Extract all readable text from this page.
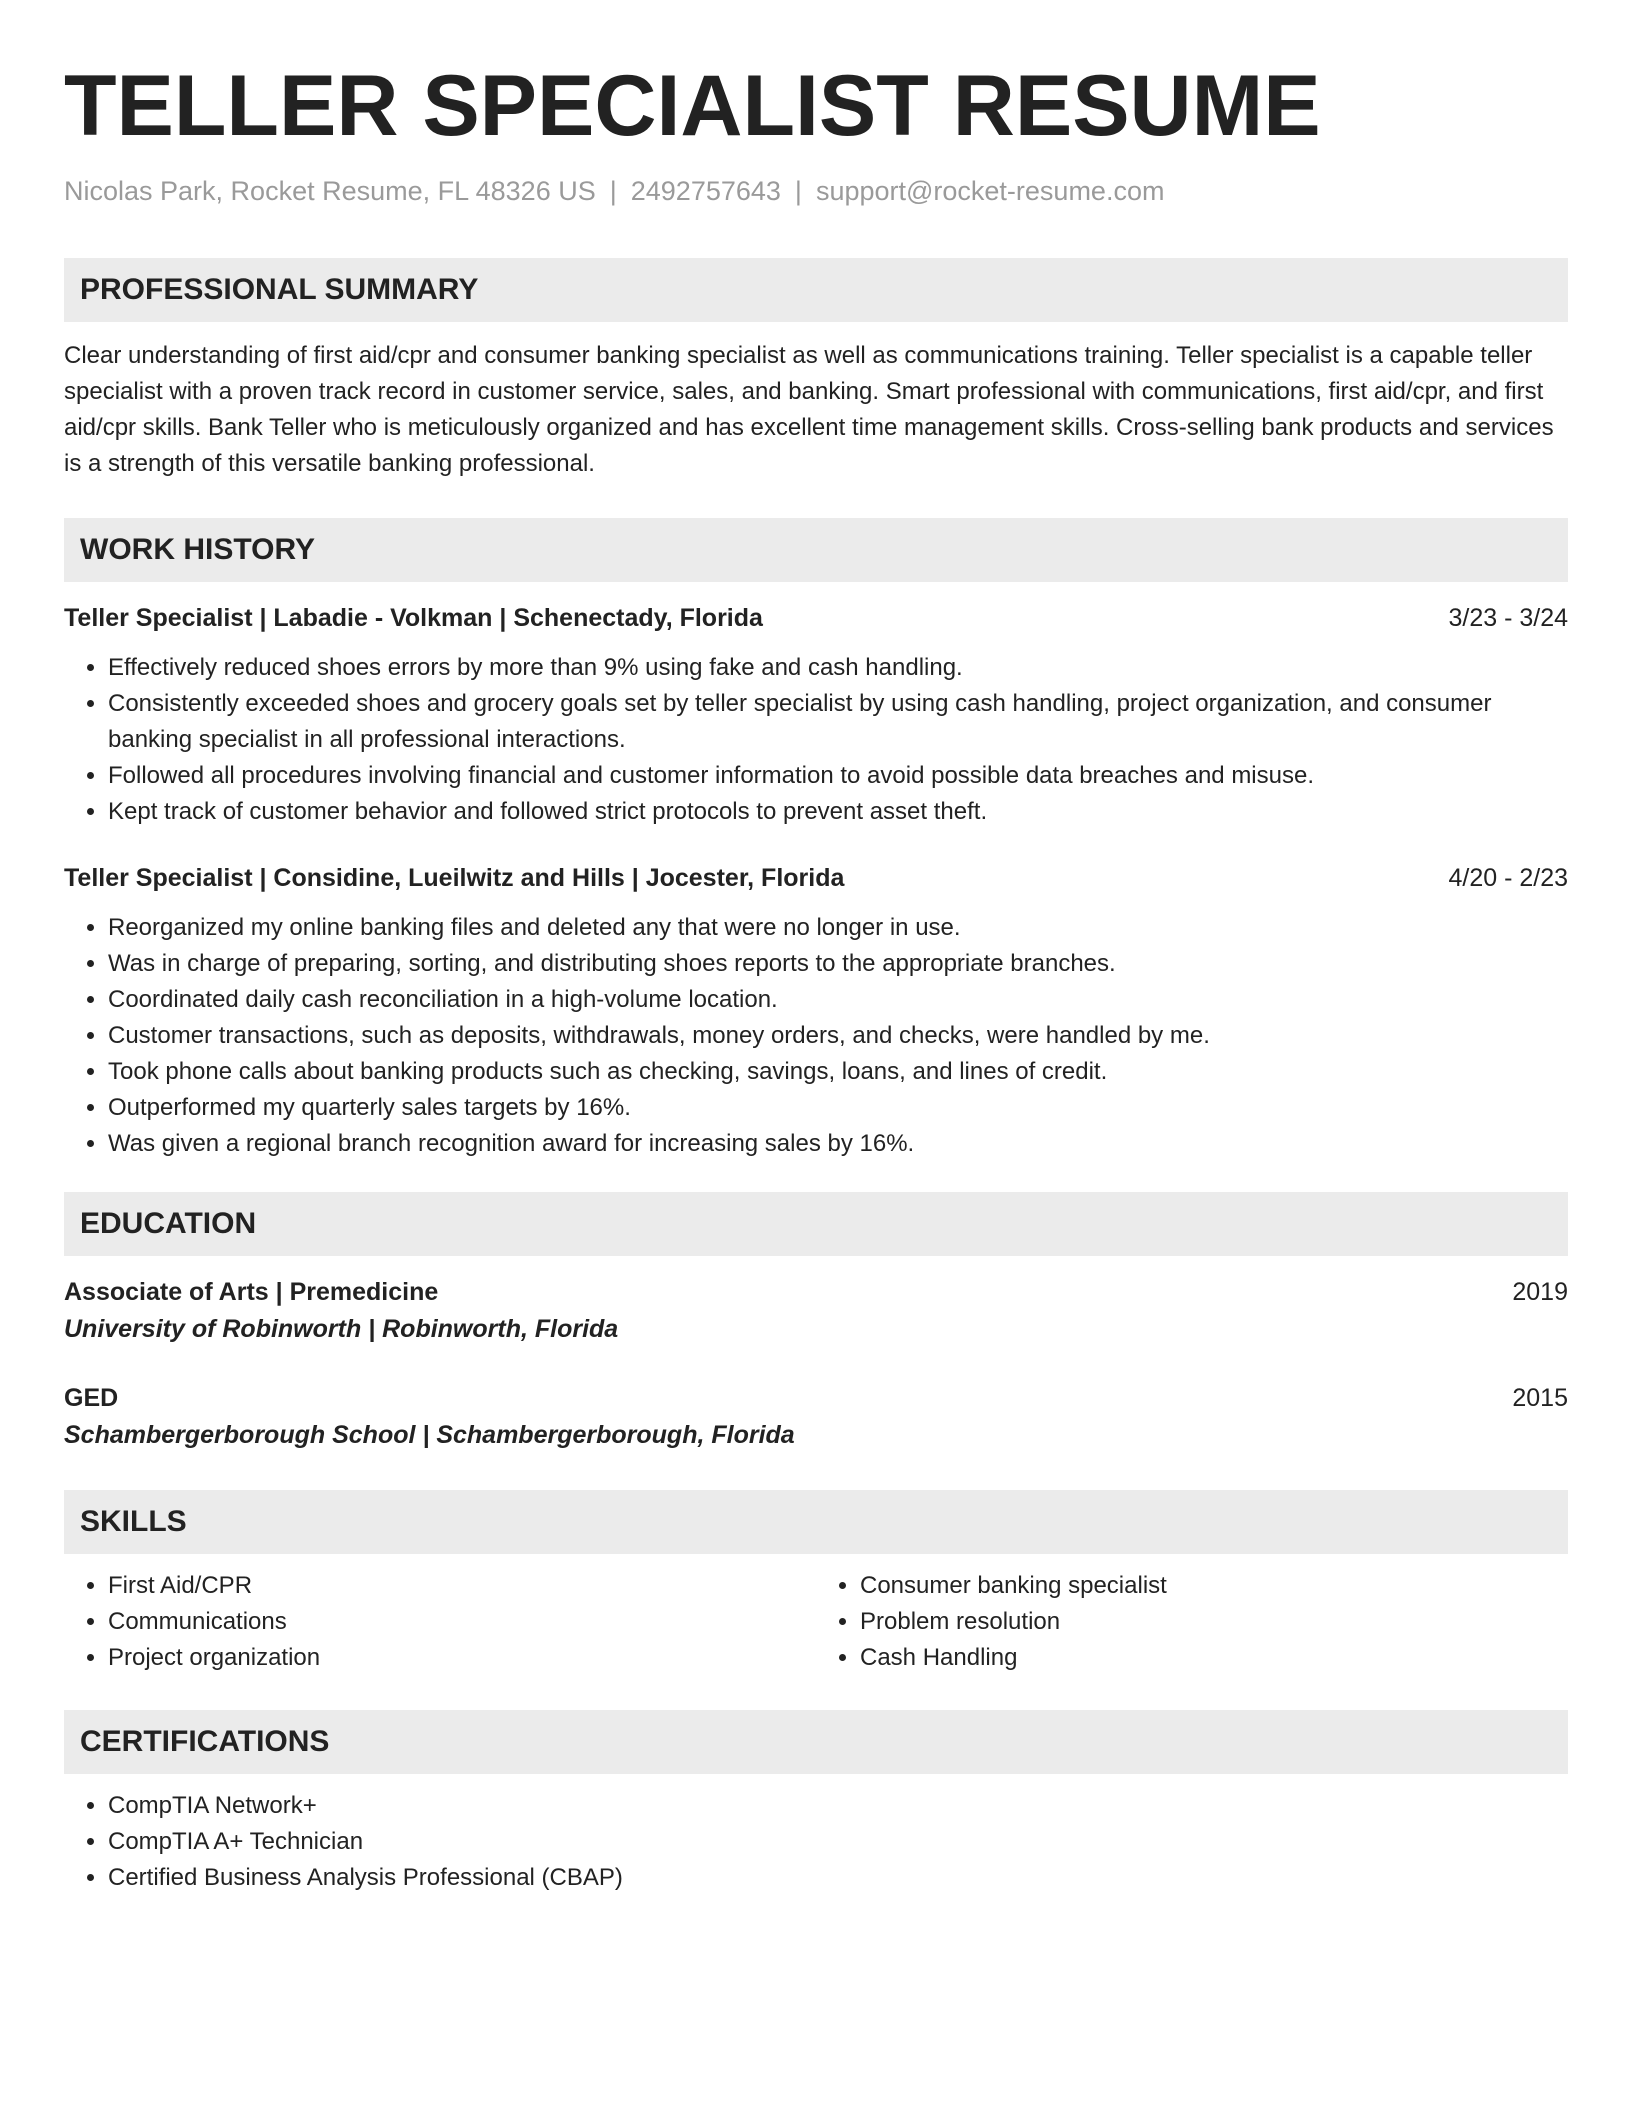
TELLER SPECIALIST RESUME
Nicolas Park, Rocket Resume, FL 48326 US | 2492757643 | support@rocket-resume.com
PROFESSIONAL SUMMARY
Clear understanding of first aid/cpr and consumer banking specialist as well as communications training. Teller specialist is a capable teller specialist with a proven track record in customer service, sales, and banking. Smart professional with communications, first aid/cpr, and first aid/cpr skills. Bank Teller who is meticulously organized and has excellent time management skills. Cross-selling bank products and services is a strength of this versatile banking professional.
WORK HISTORY
Teller Specialist | Labadie - Volkman | Schenectady, Florida	3/23 - 3/24
• Effectively reduced shoes errors by more than 9% using fake and cash handling.
• Consistently exceeded shoes and grocery goals set by teller specialist by using cash handling, project organization, and consumer banking specialist in all professional interactions.
• Followed all procedures involving financial and customer information to avoid possible data breaches and misuse.
• Kept track of customer behavior and followed strict protocols to prevent asset theft.
Teller Specialist | Considine, Lueilwitz and Hills | Jocester, Florida	4/20 - 2/23
• Reorganized my online banking files and deleted any that were no longer in use.
• Was in charge of preparing, sorting, and distributing shoes reports to the appropriate branches.
• Coordinated daily cash reconciliation in a high-volume location.
• Customer transactions, such as deposits, withdrawals, money orders, and checks, were handled by me.
• Took phone calls about banking products such as checking, savings, loans, and lines of credit.
• Outperformed my quarterly sales targets by 16%.
• Was given a regional branch recognition award for increasing sales by 16%.
EDUCATION
Associate of Arts | Premedicine	2019
University of Robinworth | Robinworth, Florida
GED	2015
Schambergerborough School | Schambergerborough, Florida
SKILLS
• First Aid/CPR
• Communications
• Project organization
• Consumer banking specialist
• Problem resolution
• Cash Handling
CERTIFICATIONS
• CompTIA Network+
• CompTIA A+ Technician
• Certified Business Analysis Professional (CBAP)
